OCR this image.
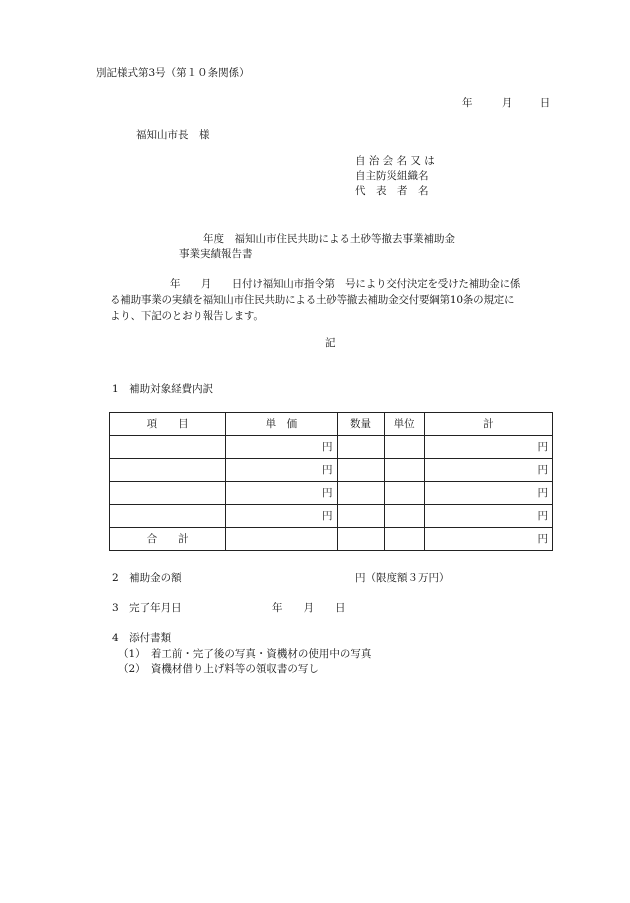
別記様式第3号（第１０条関係）
年	月	日
福知山市長　様
自 治 会 名 又 は
自主防災組織名
代　表　者　名
年度　福知山市住民共助による土砂等撤去事業補助金
事業実績報告書
年　　月　　日付け福知山市指令第　号により交付決定を受けた補助金に係
る補助事業の実績を福知山市住民共助による土砂等撤去補助金交付要綱第10条の規定に
より、下記のとおり報告します。
記
1　補助対象経費内訳
項　　目	単　価	数量	単位	計
	円			円
	円			円
	円			円
	円			円
合　　計				円
2　補助金の額	円（限度額３万円）
3　完了年月日	年　　月　　日
4　添付書類
（1）　着工前・完了後の写真・資機材の使用中の写真
（2）　資機材借り上げ料等の領収書の写し
